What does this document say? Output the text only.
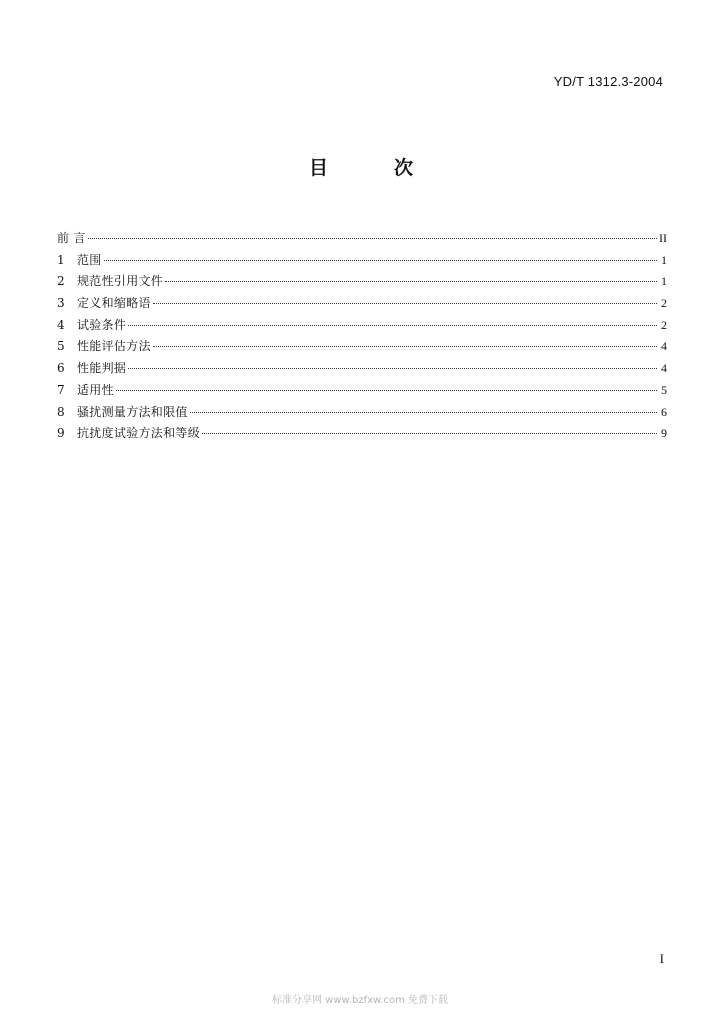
YD/T 1312.3-2004
目	次
前 言	II
1	范围	1
2	规范性引用文件	1
3	定义和缩略语	2
4	试验条件	2
5	性能评估方法	4
6	性能判据	4
7	适用性	5
8	骚扰测量方法和限值	6
9	抗扰度试验方法和等级	9
I
标准分享网 www.bzfxw.com 免费下载
